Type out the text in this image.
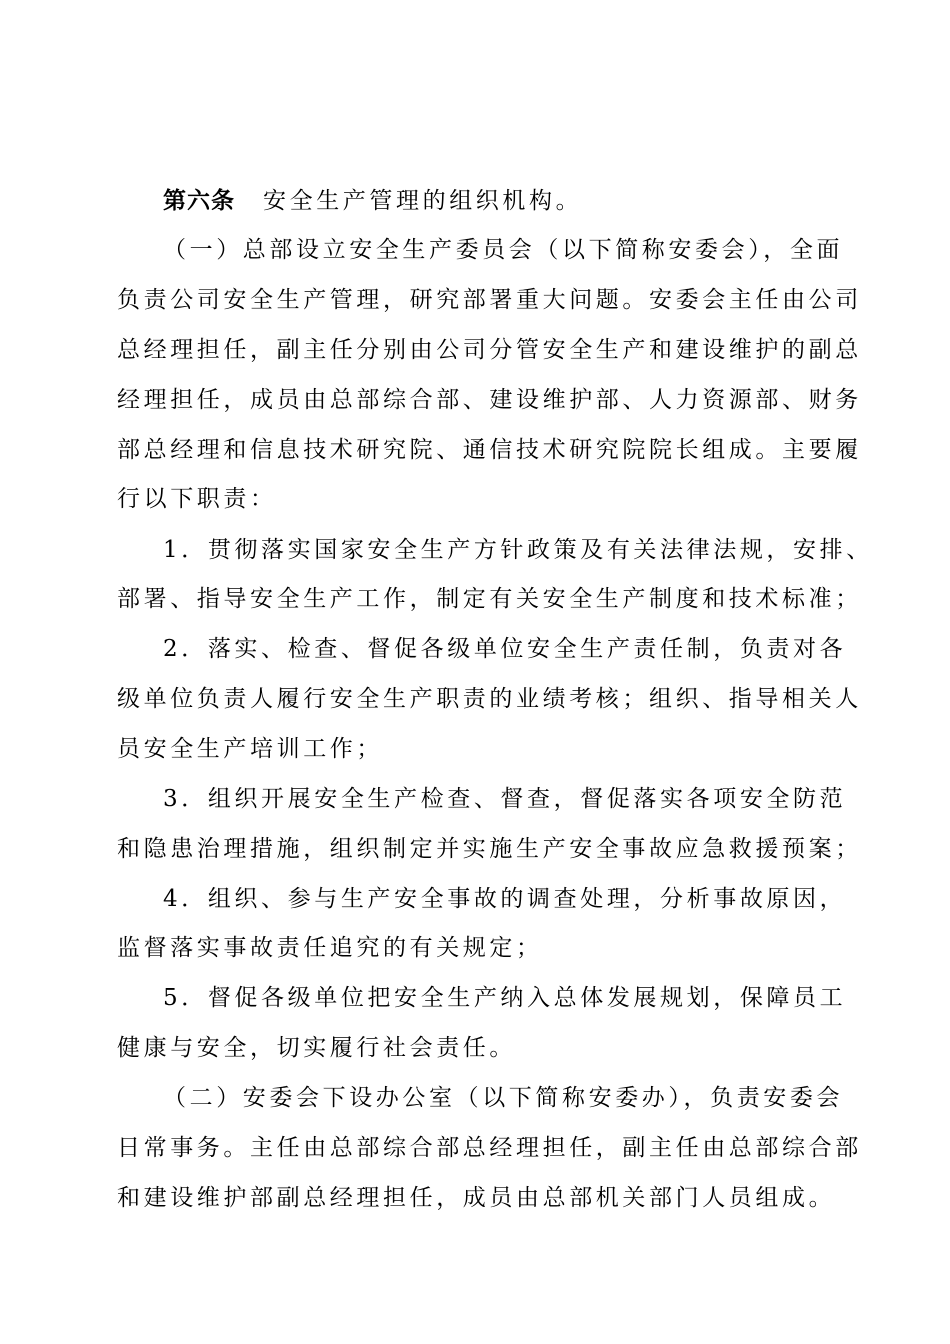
第六条 安全生产管理的组织机构。
（一）总部设立安全生产委员会（以下简称安委会），全面
负责公司安全生产管理，研究部署重大问题。安委会主任由公司
总经理担任，副主任分别由公司分管安全生产和建设维护的副总
经理担任，成员由总部综合部、建设维护部、人力资源部、财务
部总经理和信息技术研究院、通信技术研究院院长组成。主要履
行以下职责：
1．贯彻落实国家安全生产方针政策及有关法律法规，安排、
部署、指导安全生产工作，制定有关安全生产制度和技术标准；
2．落实、检查、督促各级单位安全生产责任制，负责对各
级单位负责人履行安全生产职责的业绩考核；组织、指导相关人
员安全生产培训工作；
3．组织开展安全生产检查、督查，督促落实各项安全防范
和隐患治理措施，组织制定并实施生产安全事故应急救援预案；
4．组织、参与生产安全事故的调查处理，分析事故原因，
监督落实事故责任追究的有关规定；
5．督促各级单位把安全生产纳入总体发展规划，保障员工
健康与安全，切实履行社会责任。
（二）安委会下设办公室（以下简称安委办），负责安委会
日常事务。主任由总部综合部总经理担任，副主任由总部综合部
和建设维护部副总经理担任，成员由总部机关部门人员组成。
